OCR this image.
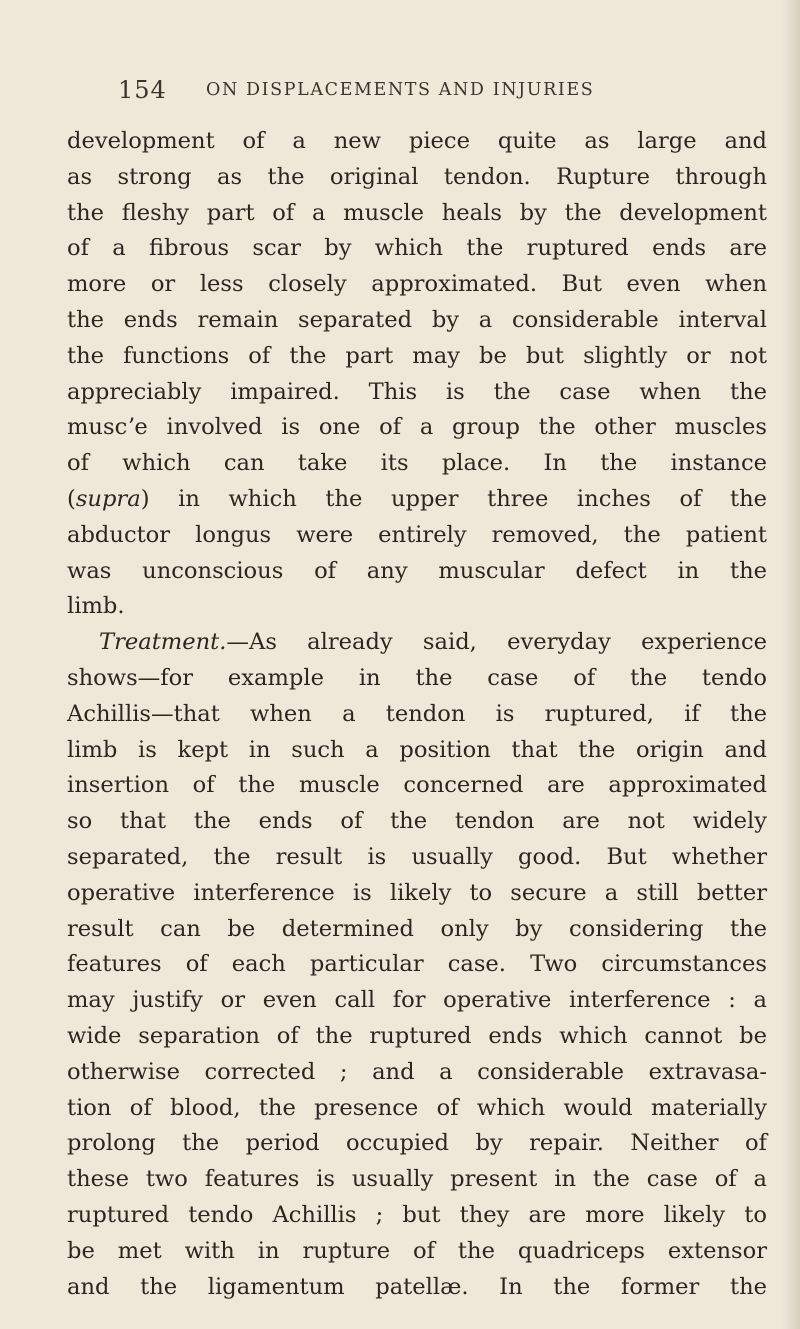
154 ON DISPLACEMENTS AND INJURIES
development of a new piece quite as large and
as strong as the original tendon. Rupture through
the fleshy part of a muscle heals by the development
of a fibrous scar by which the ruptured ends are
more or less closely approximated. But even when
the ends remain separated by a considerable interval
the functions of the part may be but slightly or not
appreciably impaired. This is the case when the
muscʼe involved is one of a group the other muscles
of which can take its place. In the instance
(supra) in which the upper three inches of the
abductor longus were entirely removed, the patient
was unconscious of any muscular defect in the
limb.
Treatment.—As already said, everyday experience
shows—for example in the case of the tendo
Achillis—that when a tendon is ruptured, if the
limb is kept in such a position that the origin and
insertion of the muscle concerned are approximated
so that the ends of the tendon are not widely
separated, the result is usually good. But whether
operative interference is likely to secure a still better
result can be determined only by considering the
features of each particular case. Two circumstances
may justify or even call for operative interference : a
wide separation of the ruptured ends which cannot be
otherwise corrected ; and a considerable extravasa-
tion of blood, the presence of which would materially
prolong the period occupied by repair. Neither of
these two features is usually present in the case of a
ruptured tendo Achillis ; but they are more likely to
be met with in rupture of the quadriceps extensor
and the ligamentum patellæ. In the former the
